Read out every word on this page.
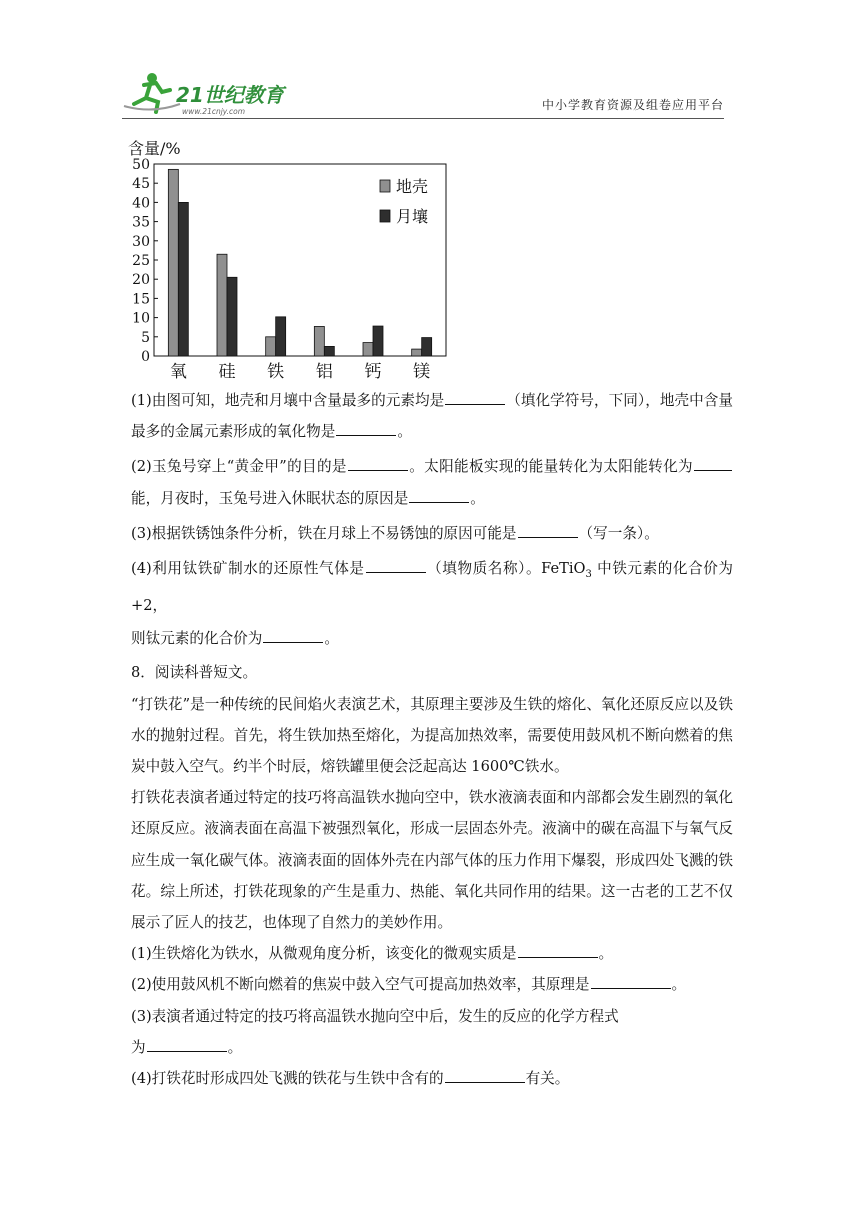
21世纪教育
www.21cnjy.com	中小学教育资源及组卷应用平台
含量/%
0
5
10
15
20
25
30
35
40
45
50
氧 硅 铁 铝 钙 镁
地壳
月壤

(1)由图可知，地壳和月壤中含量最多的元素均是	（填化学符号，下同），地壳中含量最多的金属元素形成的氧化物是	。

(2)玉兔号穿上“黄金甲”的目的是	。太阳能板实现的能量转化为太阳能转化为能，月夜时，玉兔号进入休眠状态的原因是	。

(3)根据铁锈蚀条件分析，铁在月球上不易锈蚀的原因可能是	（写一条）。

(4)利用钛铁矿制水的还原性气体是	（填物质名称）。FeTiO$_3$ 中铁元素的化合价为+2，

则钛元素的化合价为	。

8．阅读科普短文。

“打铁花”是一种传统的民间焰火表演艺术，其原理主要涉及生铁的熔化、氧化还原反应以及铁水的抛射过程。首先，将生铁加热至熔化，为提高加热效率，需要使用鼓风机不断向燃着的焦炭中鼓入空气。约半个时辰，熔铁罐里便会泛起高达 1600℃铁水。

打铁花表演者通过特定的技巧将高温铁水抛向空中，铁水液滴表面和内部都会发生剧烈的氧化还原反应。液滴表面在高温下被强烈氧化，形成一层固态外壳。液滴中的碳在高温下与氧气反应生成一氧化碳气体。液滴表面的固体外壳在内部气体的压力作用下爆裂，形成四处飞溅的铁花。综上所述，打铁花现象的产生是重力、热能、氧化共同作用的结果。这一古老的工艺不仅展示了匠人的技艺，也体现了自然力的美妙作用。

(1)生铁熔化为铁水，从微观角度分析，该变化的微观实质是	。

(2)使用鼓风机不断向燃着的焦炭中鼓入空气可提高加热效率，其原理是	。

(3)表演者通过特定的技巧将高温铁水抛向空中后，发生的反应的化学方程式

为	。

(4)打铁花时形成四处飞溅的铁花与生铁中含有的	有关。
